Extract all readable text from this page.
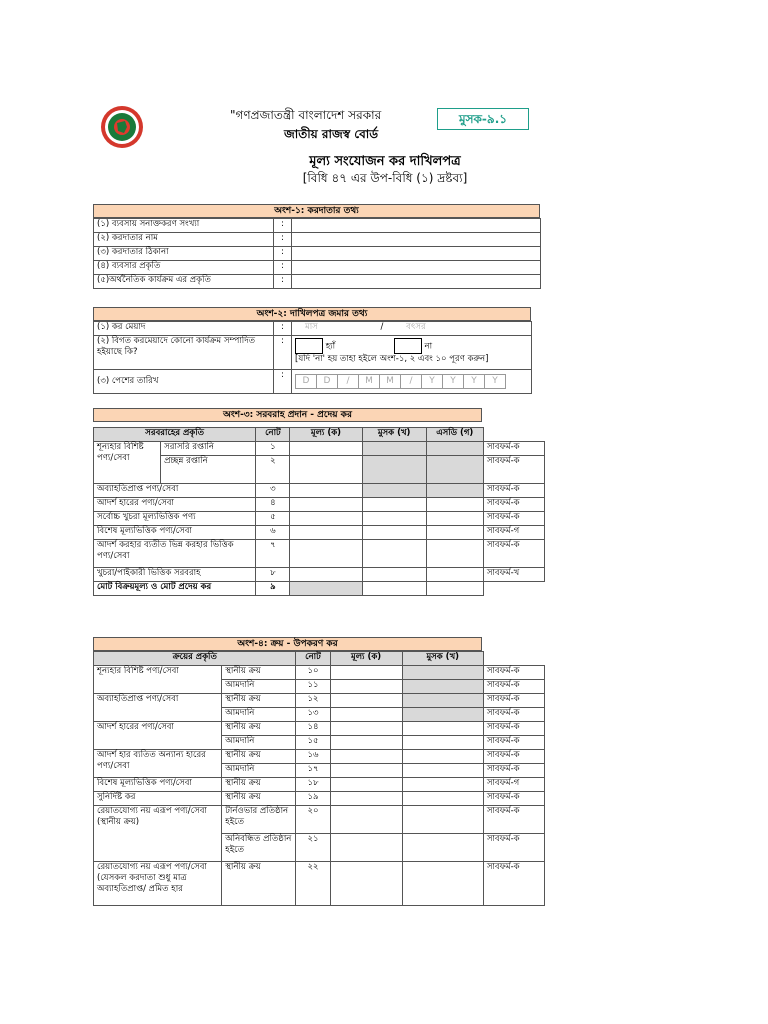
"গণপ্রজাতন্ত্রী বাংলাদেশ সরকার
জাতীয় রাজস্ব বোর্ড
মুসক-৯.১
মূল্য সংযোজন কর দাখিলপত্র
[বিধি ৪৭ এর উপ-বিধি (১) দ্রষ্টব্য]
অংশ-১: করদাতার তথ্য
(১) ব্যবসায় সনাক্তকরণ সংখ্যা	:	
(২) করদাতার নাম	:	
(৩) করদাতার ঠিকানা	:	
(৪) ব্যবসার প্রকৃতি	:	
(৫)অর্থনৈতিক কার্যক্রম এর প্রকৃতি	:	
অংশ-২: দাখিলপত্র জমার তথ্য
(১) কর মেয়াদ	:	মাস / বৎসর
(২) বিগত করমেয়াদে কোনো কার্যক্রম সম্পাদিত হইয়াছে কি?	:	হ্যাঁ না
[যদি 'না' হয় তাহা হইলে অংশ-১, ২ এবং ১০ পূরণ করুন]

(৩) পেশের তারিখ	:	D D / M M / Y Y Y Y
অংশ-৩: সরবরাহ প্রদান - প্রদেয় কর
সরবরাহের প্রকৃতি		নোট	মূল্য (ক)	মুসক (খ)	এসডি (গ)	
শূন্যহার বিশিষ্ট পণ্য/সেবা	সরাসরি রপ্তানি	১				সাবফর্ম-ক
	প্রচ্ছন্ন রপ্তানি	২				সাবফর্ম-ক
অব্যাহতিপ্রাপ্ত পণ্য/সেবা		৩				সাবফর্ম-ক
আদর্শ হারের পণ্য/সেবা		৪				সাবফর্ম-ক
সর্বোচ্চ খুচরা মূল্যভিত্তিক পণ্য		৫				সাবফর্ম-ক
বিশেষ মূল্যভিত্তিক পণ্য/সেবা		৬				সাবফর্ম-গ
আদর্শ করহার ব্যতীত ভিন্ন করহার ভিত্তিক পণ্য/সেবা		৭				সাবফর্ম-ক
খুচরা/পাইকারী ভিত্তিক সরবরাহ		৮				সাবফর্ম-খ
মোট বিক্রয়মূল্য ও মোট প্রদেয় কর		৯				
অংশ-৪: ক্রয় - উপকরণ কর
ক্রয়ের প্রকৃতি		নোট	মূল্য (ক)	মুসক (খ)	
শূন্যহার বিশিষ্ট পণ্য/সেবা	স্থানীয় ক্রয়	১০			সাবফর্ম-ক
	আমদানি	১১			সাবফর্ম-ক
অব্যাহতিপ্রাপ্ত পণ্য/সেবা	স্থানীয় ক্রয়	১২			সাবফর্ম-ক
	আমদানি	১৩			সাবফর্ম-ক
আদর্শ হারের পণ্য/সেবা	স্থানীয় ক্রয়	১৪			সাবফর্ম-ক
	আমদানি	১৫			সাবফর্ম-ক
আদর্শ হার ব্যতিত অন্যান্য হারের পণ্য/সেবা	স্থানীয় ক্রয়	১৬			সাবফর্ম-ক
	আমদানি	১৭			সাবফর্ম-ক
বিশেষ মূল্যভিত্তিক পণ্য/সেবা	স্থানীয় ক্রয়	১৮			সাবফর্ম-গ
সুনির্দিষ্ট কর	স্থানীয় ক্রয়	১৯			সাবফর্ম-ক
রেয়াতযোগ্য নয় এরূপ পণ্য/সেবা (স্থানীয় ক্রয়)	টার্নওভার প্রতিষ্ঠান হইতে	২০			সাবফর্ম-ক
	অনিবন্ধিত প্রতিষ্ঠান হইতে	২১			সাবফর্ম-ক
রেয়াতযোগ্য নয় এরূপ পণ্য/সেবা (যেসকল করদাতা শুধু মাত্র অব্যাহতিপ্রাপ্ত/ প্রমিত হার	স্থানীয় ক্রয়	২২			সাবফর্ম-ক
